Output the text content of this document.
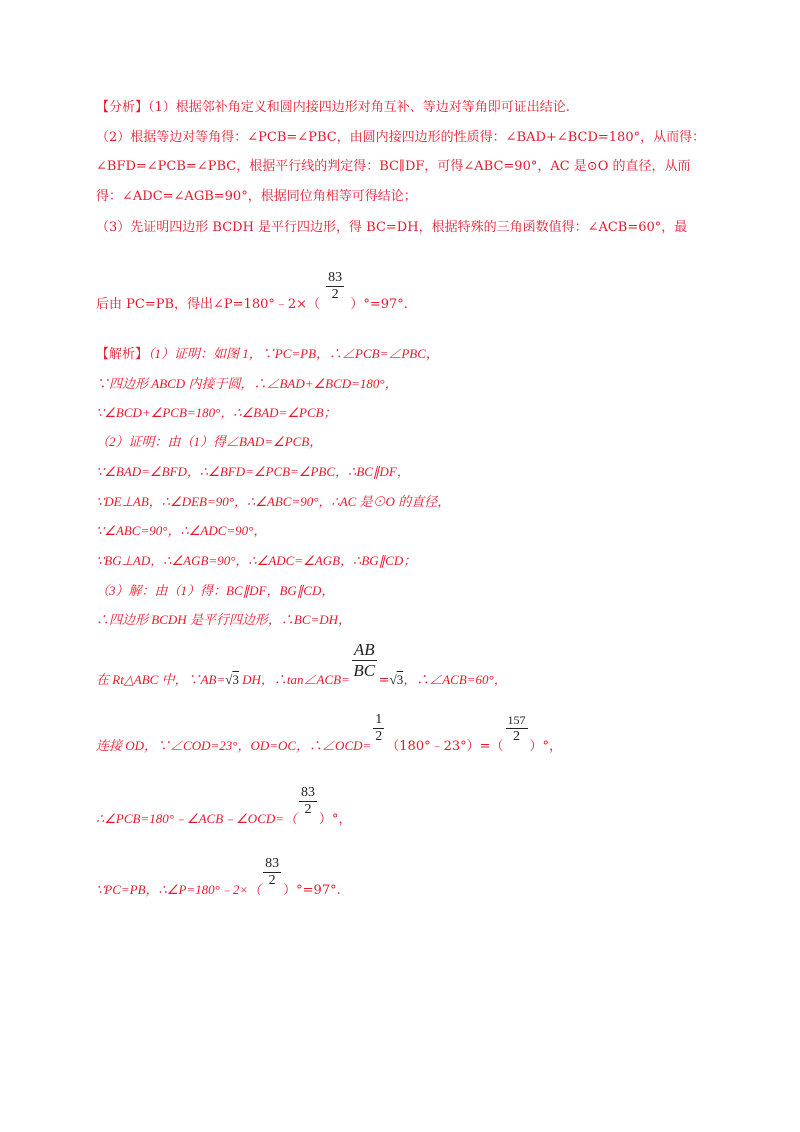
【分析】（1）根据邻补角定义和圆内接四边形对角互补、等边对等角即可证出结论.
（2）根据等边对等角得：∠PCB=∠PBC，由圆内接四边形的性质得：∠BAD+∠BCD=180°，从而得：
∠BFD=∠PCB=∠PBC，根据平行线的判定得：BC∥DF，可得∠ABC=90°，AC 是⊙O 的直径，从而
得：∠ADC=∠AGB=90°，根据同位角相等可得结论；
（3）先证明四边形 BCDH 是平行四边形，得 BC=DH，根据特殊的三角函数值得：∠ACB=60°，最
后由 PC=PB，得出∠P=180°﹣2×（
$\frac{83}{2}$
）°=97°.
【解析】（1）证明：如图 1，∵PC=PB，∴∠PCB=∠PBC，
∵四边形 ABCD 内接于圆，∴∠BAD+∠BCD=180°，
∵∠BCD+∠PCB=180°，∴∠BAD=∠PCB；
（2）证明：由（1）得∠BAD=∠PCB，
∵∠BAD=∠BFD，∴∠BFD=∠PCB=∠PBC，∴BC∥DF，
∵DE⊥AB，∴∠DEB=90°，∴∠ABC=90°，∴AC 是⊙O 的直径，
∵∠ABC=90°，∴∠ADC=90°，
∵BG⊥AD，∴∠AGB=90°，∴∠ADC=∠AGB，∴BG∥CD；
（3）解：由（1）得：BC∥DF，BG∥CD，
∴四边形 BCDH 是平行四边形，∴BC=DH，
在 Rt△ABC 中，∵AB=√3 DH，∴tan∠ACB= $\frac{AB}{BC} =√3$，∴∠ACB=60°，
连接 OD，∵∠COD=23°，OD=OC，∴∠OCD=
$\frac{1}{2}$
（180°﹣23°）=（
$\frac{157}{2}$
）°，
∴∠PCB=180°﹣∠ACB﹣∠OCD=（
$\frac{83}{2}$
）°，
∵PC=PB，∴∠P=180°﹣2×（
$\frac{83}{2}$
）°=97°.
